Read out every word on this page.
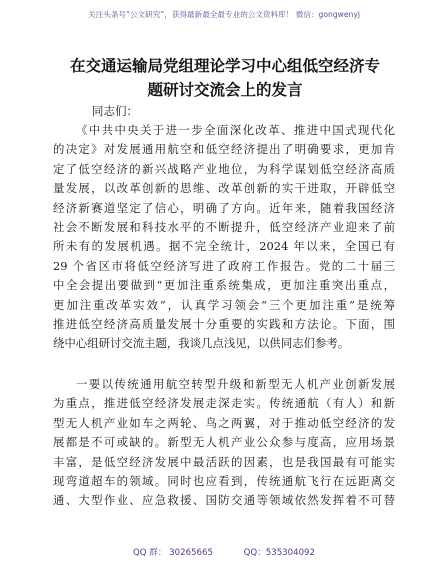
关注头条号“公文研究”，获得最新最全最专业的公文资料库！ 微信：gongwenyj
在交通运输局党组理论学习中心组低空经济专
题研讨交流会上的发言
同志们：
《中共中央关于进一步全面深化改革、推进中国式现代化
的决定》对发展通用航空和低空经济提出了明确要求，更加肯
定了低空经济的新兴战略产业地位，为科学谋划低空经济高质
量发展，以改革创新的思维、改革创新的实干进取，开辟低空
经济新赛道坚定了信心，明确了方向。近年来，随着我国经济
社会不断发展和科技水平的不断提升，低空经济产业迎来了前
所未有的发展机遇。据不完全统计，2024 年以来，全国已有
29 个省区市将低空经济写进了政府工作报告。党的二十届三
中全会提出要做到“更加注重系统集成，更加注重突出重点，
更加注重改革实效”，认真学习领会“三个更加注重”是统筹
推进低空经济高质量发展十分重要的实践和方法论。下面，围
绕中心组研讨交流主题，我谈几点浅见，以供同志们参考。
一要以传统通用航空转型升级和新型无人机产业创新发展
为重点，推进低空经济发展走深走实。传统通航（有人）和新
型无人机产业如车之两轮、鸟之两翼，对于推动低空经济的发
展都是不可或缺的。新型无人机产业公众参与度高，应用场景
丰富，是低空经济发展中最活跃的因素，也是我国最有可能实
现弯道超车的领域。同时也应看到，传统通航飞行在远距离交
通、大型作业、应急救援、国防交通等领域依然发挥着不可替
QQ 群： 30265665	QQ：535304092
